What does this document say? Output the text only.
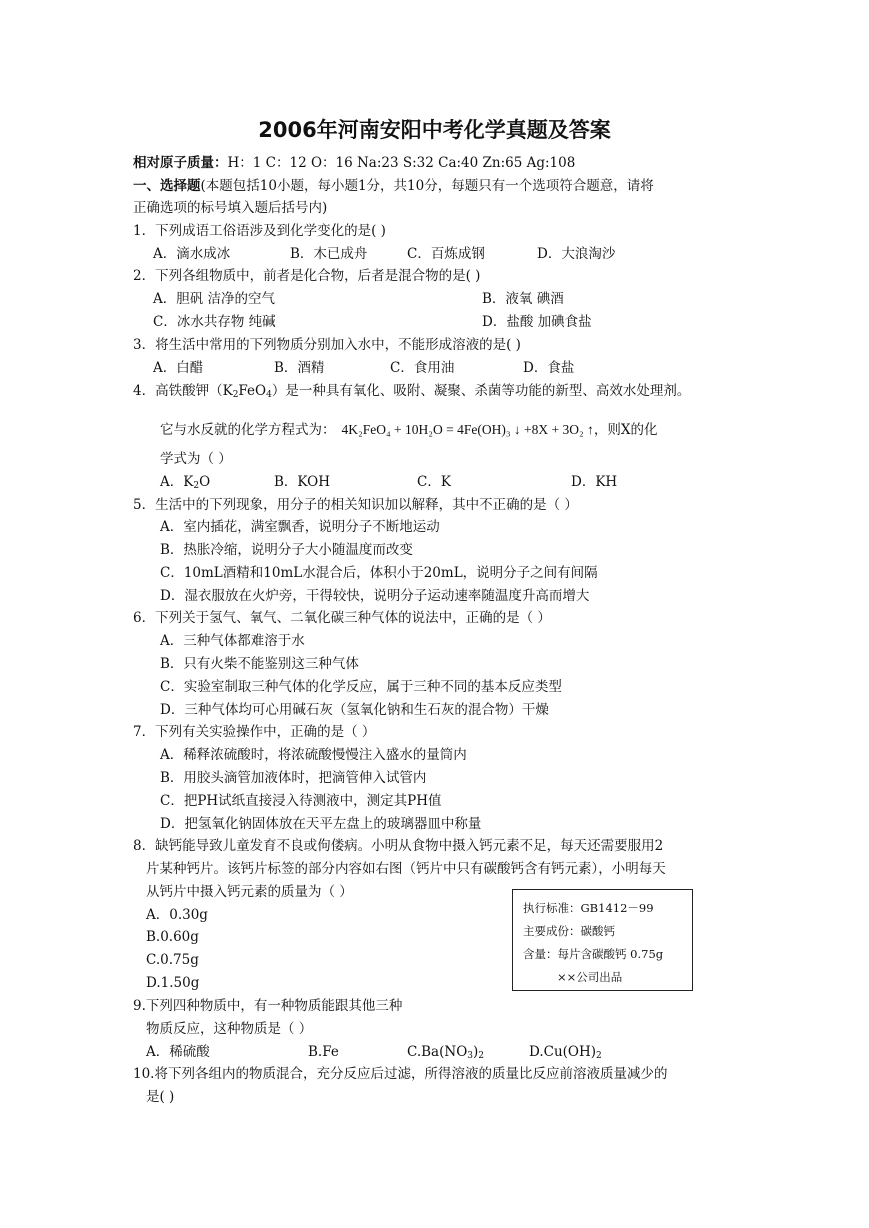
2006年河南安阳中考化学真题及答案
相对原子质量：H：1 C：12 O：16 Na:23 S:32 Ca:40 Zn:65 Ag:108
一、选择题(本题包括10小题，每小题1分，共10分，每题只有一个选项符合题意，请将
正确选项的标号填入题后括号内)
1．下列成语工俗语涉及到化学变化的是( )
A．滴水成冰	B．木已成舟	C．百炼成钢	D．大浪淘沙
2．下列各组物质中，前者是化合物，后者是混合物的是( )
A．胆矾 洁净的空气	B．液氧 碘酒
C．冰水共存物 纯碱	D．盐酸 加碘食盐
3．将生活中常用的下列物质分别加入水中，不能形成溶液的是( )
A．白醋	B．酒精	C．食用油	D．食盐
4．高铁酸钾$(K_2FeO_4)$是一种具有氧化、吸附、凝聚、杀菌等功能的新型、高效水处理剂。
它与水反就的化学方程式为： 4K₂FeO₄ + 10H₂O = 4Fe(OH)₃ ↓ +8X + 3O₂ ↑，则X的化
学式为（ ）
A．$K_2O$	B．KOH	C．K	D．KH
5．生活中的下列现象，用分子的相关知识加以解释，其中不正确的是（ ）
A．室内插花，满室飘香，说明分子不断地运动
B．热胀冷缩，说明分子大小随温度而改变
C．10mL酒精和10mL水混合后，体积小于20mL，说明分子之间有间隔
D．湿衣服放在火炉旁，干得较快，说明分子运动速率随温度升高而增大
6．下列关于氢气、氧气、二氧化碳三种气体的说法中，正确的是（ ）
A．三种气体都难溶于水
B．只有火柴不能鉴别这三种气体
C．实验室制取三种气体的化学反应，属于三种不同的基本反应类型
D．三种气体均可心用碱石灰（氢氧化钠和生石灰的混合物）干燥
7．下列有关实验操作中，正确的是（ ）
A．稀释浓硫酸时，将浓硫酸慢慢注入盛水的量筒内
B．用胶头滴管加液体时，把滴管伸入试管内
C．把PH试纸直接浸入待测液中，测定其PH值
D．把氢氧化钠固体放在天平左盘上的玻璃器皿中称量
8．缺钙能导致儿童发育不良或佝偻病。小明从食物中摄入钙元素不足，每天还需要服用2
片某种钙片。该钙片标签的部分内容如右图（钙片中只有碳酸钙含有钙元素），小明每天
从钙片中摄入钙元素的质量为（ ）
A．0.30g
B.0.60g
C.0.75g
D.1.50g
执行标准：GB1412－99
主要成份：碳酸钙
含量：每片含碳酸钙 0.75g
××公司出品
9.下列四种物质中，有一种物质能跟其他三种
物质反应，这种物质是（ ）
A．稀硫酸	B.Fe	$C.Ba(NO_3)_2$	$D.Cu(OH)_2$
10.将下列各组内的物质混合，充分反应后过滤，所得溶液的质量比反应前溶液质量减少的
是( )
